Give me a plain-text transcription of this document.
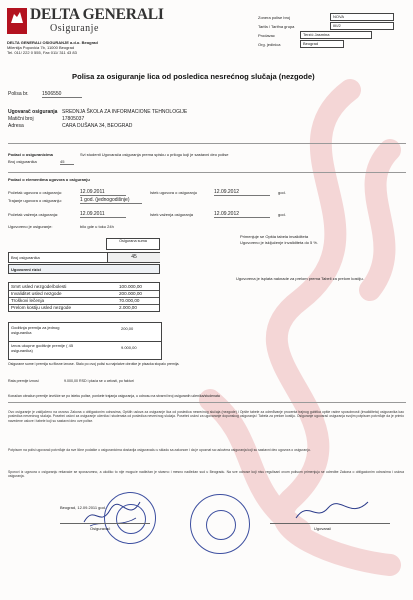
GENERALI
DELTA GENERALI
Osiguranje
DELTA GENERALI OSIGURANJE a.d.o. Beograd
Milentija Popovića 7b, 11000 Beograd
Tel. 011/ 222 0 555, Fax 011/ 311 43 83
Zonera polise broj	NOVA
Tarifa / Tarifna grupa	IIII/2
Prodavac	Terzić Jasmina
Org. jedinica	Beograd
Polisa za osiguranje lica od posledica nesrećnog slučaja (nezgode)
Polisa br.	1506550
Ugovarač osiguranja SREDNJA ŠKOLA ZA INFORMACIONE TEHNOLOGIJE
Matični broj	17805037
Adresa	CARA DUŠANA 34, BEOGRAD
Podaci o osiguranicima
Broj osiguranika	45
Svi studenti Ugovarača osiguranja prema spisku u prilogu koji je sastavni deo polise
Podaci o elementima ugovora o osiguranju
Početak ugovora o osiguranju:	12.09.2011	Istek ugovora o osiguranju	12.09.2012	god.
Trajanje ugovora o osiguranju:	1 god. (jednogodišnje)
Početak važenja osiguranja:	12.09.2011	Istek važenja osiguranja	12.09.2012	god.
Ugovoreno je osiguranje:	bilo gde u toku 24h
Primenjuje se Opšta tabela invaliditeta
Ugovoreno je isključenje invaliditeta do 5 %.
Ugovorena je isplata naknade za prelom prema Tabeli za prelom kostiju.
Osigurana suma
Broj osiguranika	45
Ugovoreni rizici
Smrt usled nezgode/bolesti	100.000,00
Invaliditet usled nezgode	200.000,00
Troškovi lečenja	70.000,00
Prelom kostiju usled nezgode	2.000,00
Godišnja premija za jednog osiguranika
200,00
Iznos ukupne godišnje premije ( 45 osiguranika)
9.000,00
Osigurane sume i premija su fiksne iznose. Stalo po ovoj polisi su najniatve obrotke je pisacka stopalo premija.
Rata premije iznosi	9.000,00 RSD i plaća se u celosti, po fakturi
Konačan obračun premije izvršiće se po isteku polise, ponkele trajanja osiguranja, u odnosu na stvarni broj osiguranih učenika/studenata
Ovo osiguranje je zaključeno na osnovu Zakona o obligacionim odnosima, Opštih uslova za osiguranje lica od posledica nesrećnog slučaja (nezgode) i Opšte tabele za određivanje procenta trajnog gubitka opšte radne sposobnosti (invaliditeta) osiguranika kao posledica nesrećnog slučaja. Posebni uslovi za osiguranje učenika i studenata od posledica nesrećnog slučaja. Posebni uslovi za ugovaranje dopunskog osiguranja i Tabela za prelom kostiju. Osiguranje ugovarač osiguranja svojim potpisom potvrđuje da je primio navedene uslove i tabele koji su sastavni deo ove polise.
Potpisom na polisi ugovarač potvrđuje da sve lične podatke o osiguranicima dostavlja osiguravaču u skladu sa zakonom i da je upoznat sa uslovima osiguranja koji su sastavni deo ugovora o osiguranju.
Sporovi iz ugovora o osiguranju rešavaće se sporazumno, a ukoliko to nije moguće nadležan je stvarno i mesno nadležan sud u Beogradu. Na sve odnose koji nisu regulisani ovom polisom primenjuju se odredbe Zakona o obligacionim odnosima i uslova osiguranja.
Beograd, 12.09.2011 god.
Osiguravač	Ugovarač
